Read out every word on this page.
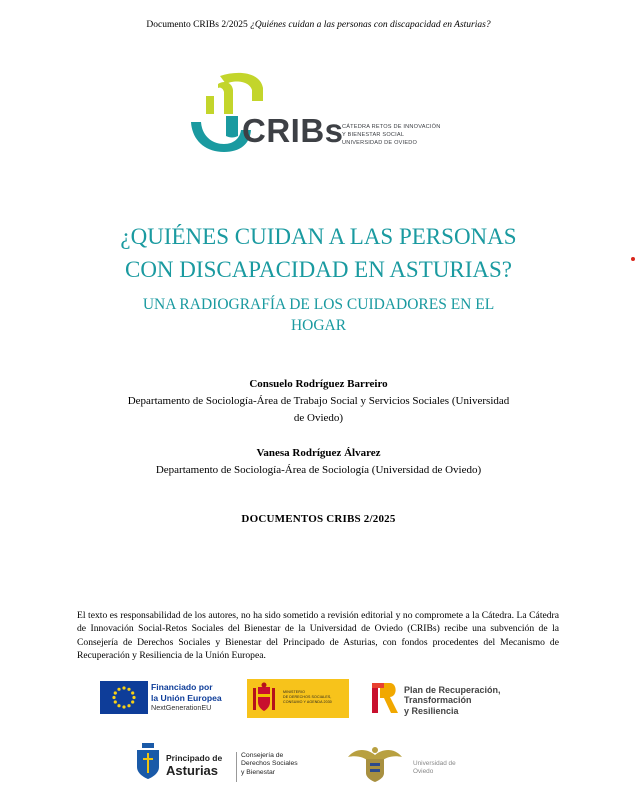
Documento CRIBs 2/2025 ¿Quiénes cuidan a las personas con discapacidad en Asturias?
CRIBs
CÁTEDRA RETOS DE INNOVACIÓN
Y BIENESTAR SOCIAL
UNIVERSIDAD DE OVIEDO
¿QUIÉNES CUIDAN A LAS PERSONAS
CON DISCAPACIDAD EN ASTURIAS?
UNA RADIOGRAFÍA DE LOS CUIDADORES EN EL
HOGAR
Consuelo Rodríguez Barreiro
Departamento de Sociología-Área de Trabajo Social y Servicios Sociales (Universidad
de Oviedo)
Vanesa Rodríguez Álvarez
Departamento de Sociología-Área de Sociología (Universidad de Oviedo)
DOCUMENTOS CRIBS 2/2025
El texto es responsabilidad de los autores, no ha sido sometido a revisión editorial y no compromete a la Cátedra. La Cátedra de Innovación Social-Retos Sociales del Bienestar de la Universidad de Oviedo (CRIBs) recibe una subvención de la Consejería de Derechos Sociales y Bienestar del Principado de Asturias, con fondos procedentes del Mecanismo de Recuperación y Resiliencia de la Unión Europea.
Financiado por
la Unión Europea
NextGenerationEU
MINISTERIO
DE DERECHOS SOCIALES,
CONSUMO Y AGENDA 2030
Plan de Recuperación,
Transformación
y Resiliencia
Principado de
Asturias
Consejería de
Derechos Sociales
y Bienestar
Universidad de
Oviedo
